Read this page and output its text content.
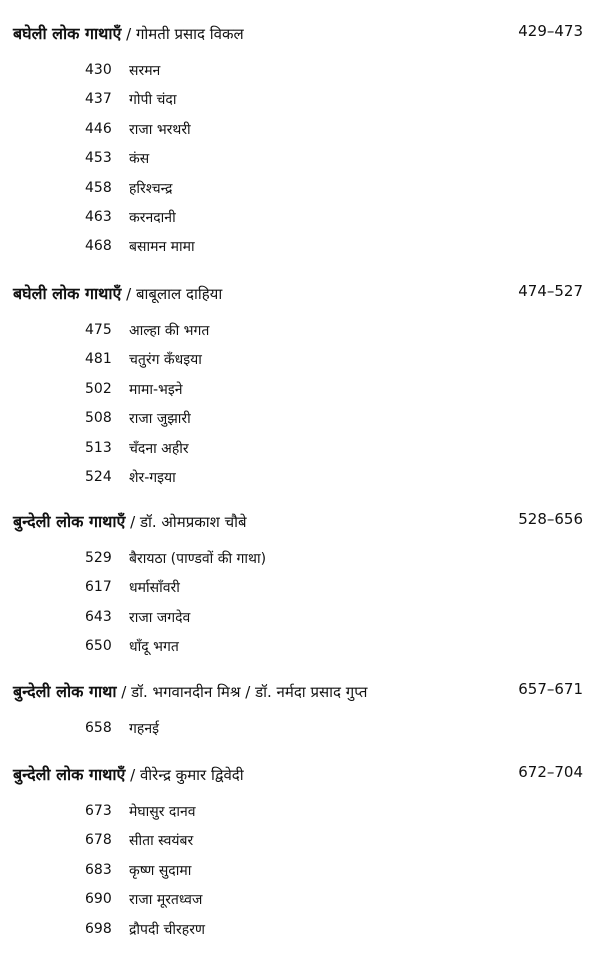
बघेली लोक गाथाएँ / गोमती प्रसाद विकल	429–473
430 सरमन
437 गोपी चंदा
446 राजा भरथरी
453 कंस
458 हरिश्चन्द्र
463 करनदानी
468 बसामन मामा
बघेली लोक गाथाएँ / बाबूलाल दाहिया	474–527
475 आल्हा की भगत
481 चतुरंग कँधइया
502 मामा-भइने
508 राजा जुझारी
513 चँदना अहीर
524 शेर-गइया
बुन्देली लोक गाथाएँ / डॉ. ओमप्रकाश चौबे	528–656
529 बैरायठा (पाण्डवों की गाथा)
617 धर्मासाँवरी
643 राजा जगदेव
650 धाँदू भगत
बुन्देली लोक गाथा / डॉ. भगवानदीन मिश्र / डॉ. नर्मदा प्रसाद गुप्त	657–671
658 गहनई
बुन्देली लोक गाथाएँ / वीरेन्द्र कुमार द्विवेदी	672–704
673 मेघासुर दानव
678 सीता स्वयंबर
683 कृष्ण सुदामा
690 राजा मूरतध्वज
698 द्रौपदी चीरहरण
